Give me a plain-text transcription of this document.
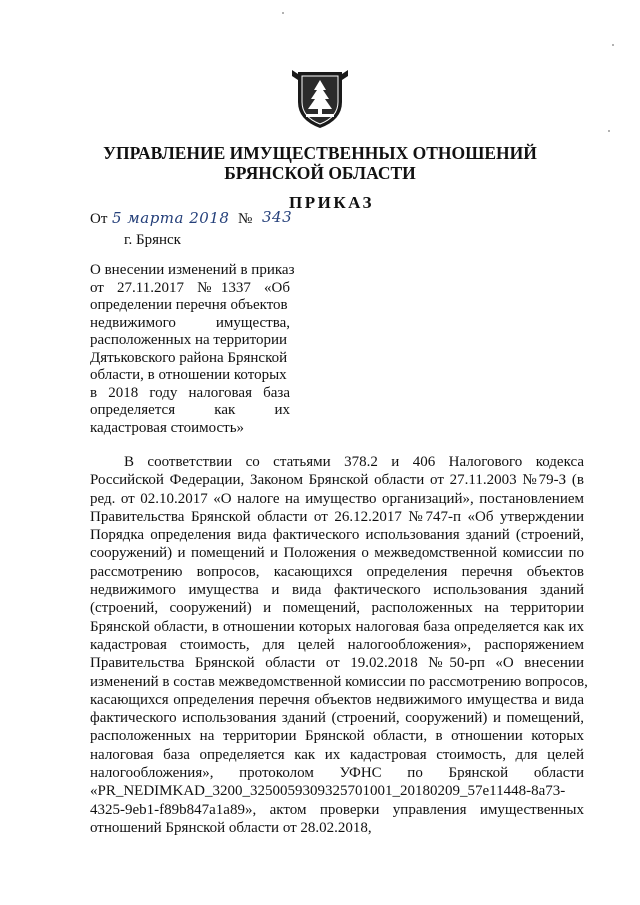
УПРАВЛЕНИЕ ИМУЩЕСТВЕННЫХ ОТНОШЕНИЙ
БРЯНСКОЙ ОБЛАСТИ
ПРИКАЗ
От 5 марта 2018 № 343
г. Брянск
О внесении изменений в приказ
от 27.11.2017 №1337 «Об
определении перечня объектов
недвижимого имущества,
расположенных на территории
Дятьковского района Брянской
области, в отношении которых
в 2018 году налоговая база
определяется как их
кадастровая стоимость»
В соответствии со статьями 378.2 и 406 Налогового кодекса
Российской Федерации, Законом Брянской области от 27.11.2003 №79-З (в
ред. от 02.10.2017 «О налоге на имущество организаций», постановлением
Правительства Брянской области от 26.12.2017 №747-п «Об утверждении
Порядка определения вида фактического использования зданий (строений,
сооружений) и помещений и Положения о межведомственной комиссии по
рассмотрению вопросов, касающихся определения перечня объектов
недвижимого имущества и вида фактического использования зданий
(строений, сооружений) и помещений, расположенных на территории
Брянской области, в отношении которых налоговая база определяется как их
кадастровая стоимость, для целей налогообложения», распоряжением
Правительства Брянской области от 19.02.2018 №50-рп «О внесении
изменений в состав межведомственной комиссии по рассмотрению вопросов,
касающихся определения перечня объектов недвижимого имущества и вида
фактического использования зданий (строений, сооружений) и помещений,
расположенных на территории Брянской области, в отношении которых
налоговая база определяется как их кадастровая стоимость, для целей
налогообложения», протоколом УФНС по Брянской области
«PR_NEDIMKAD_3200_3250059309325701001_20180209_57e11448-8a73-
4325-9eb1-f89b847a1a89», актом проверки управления имущественных
отношений Брянской области от 28.02.2018,
